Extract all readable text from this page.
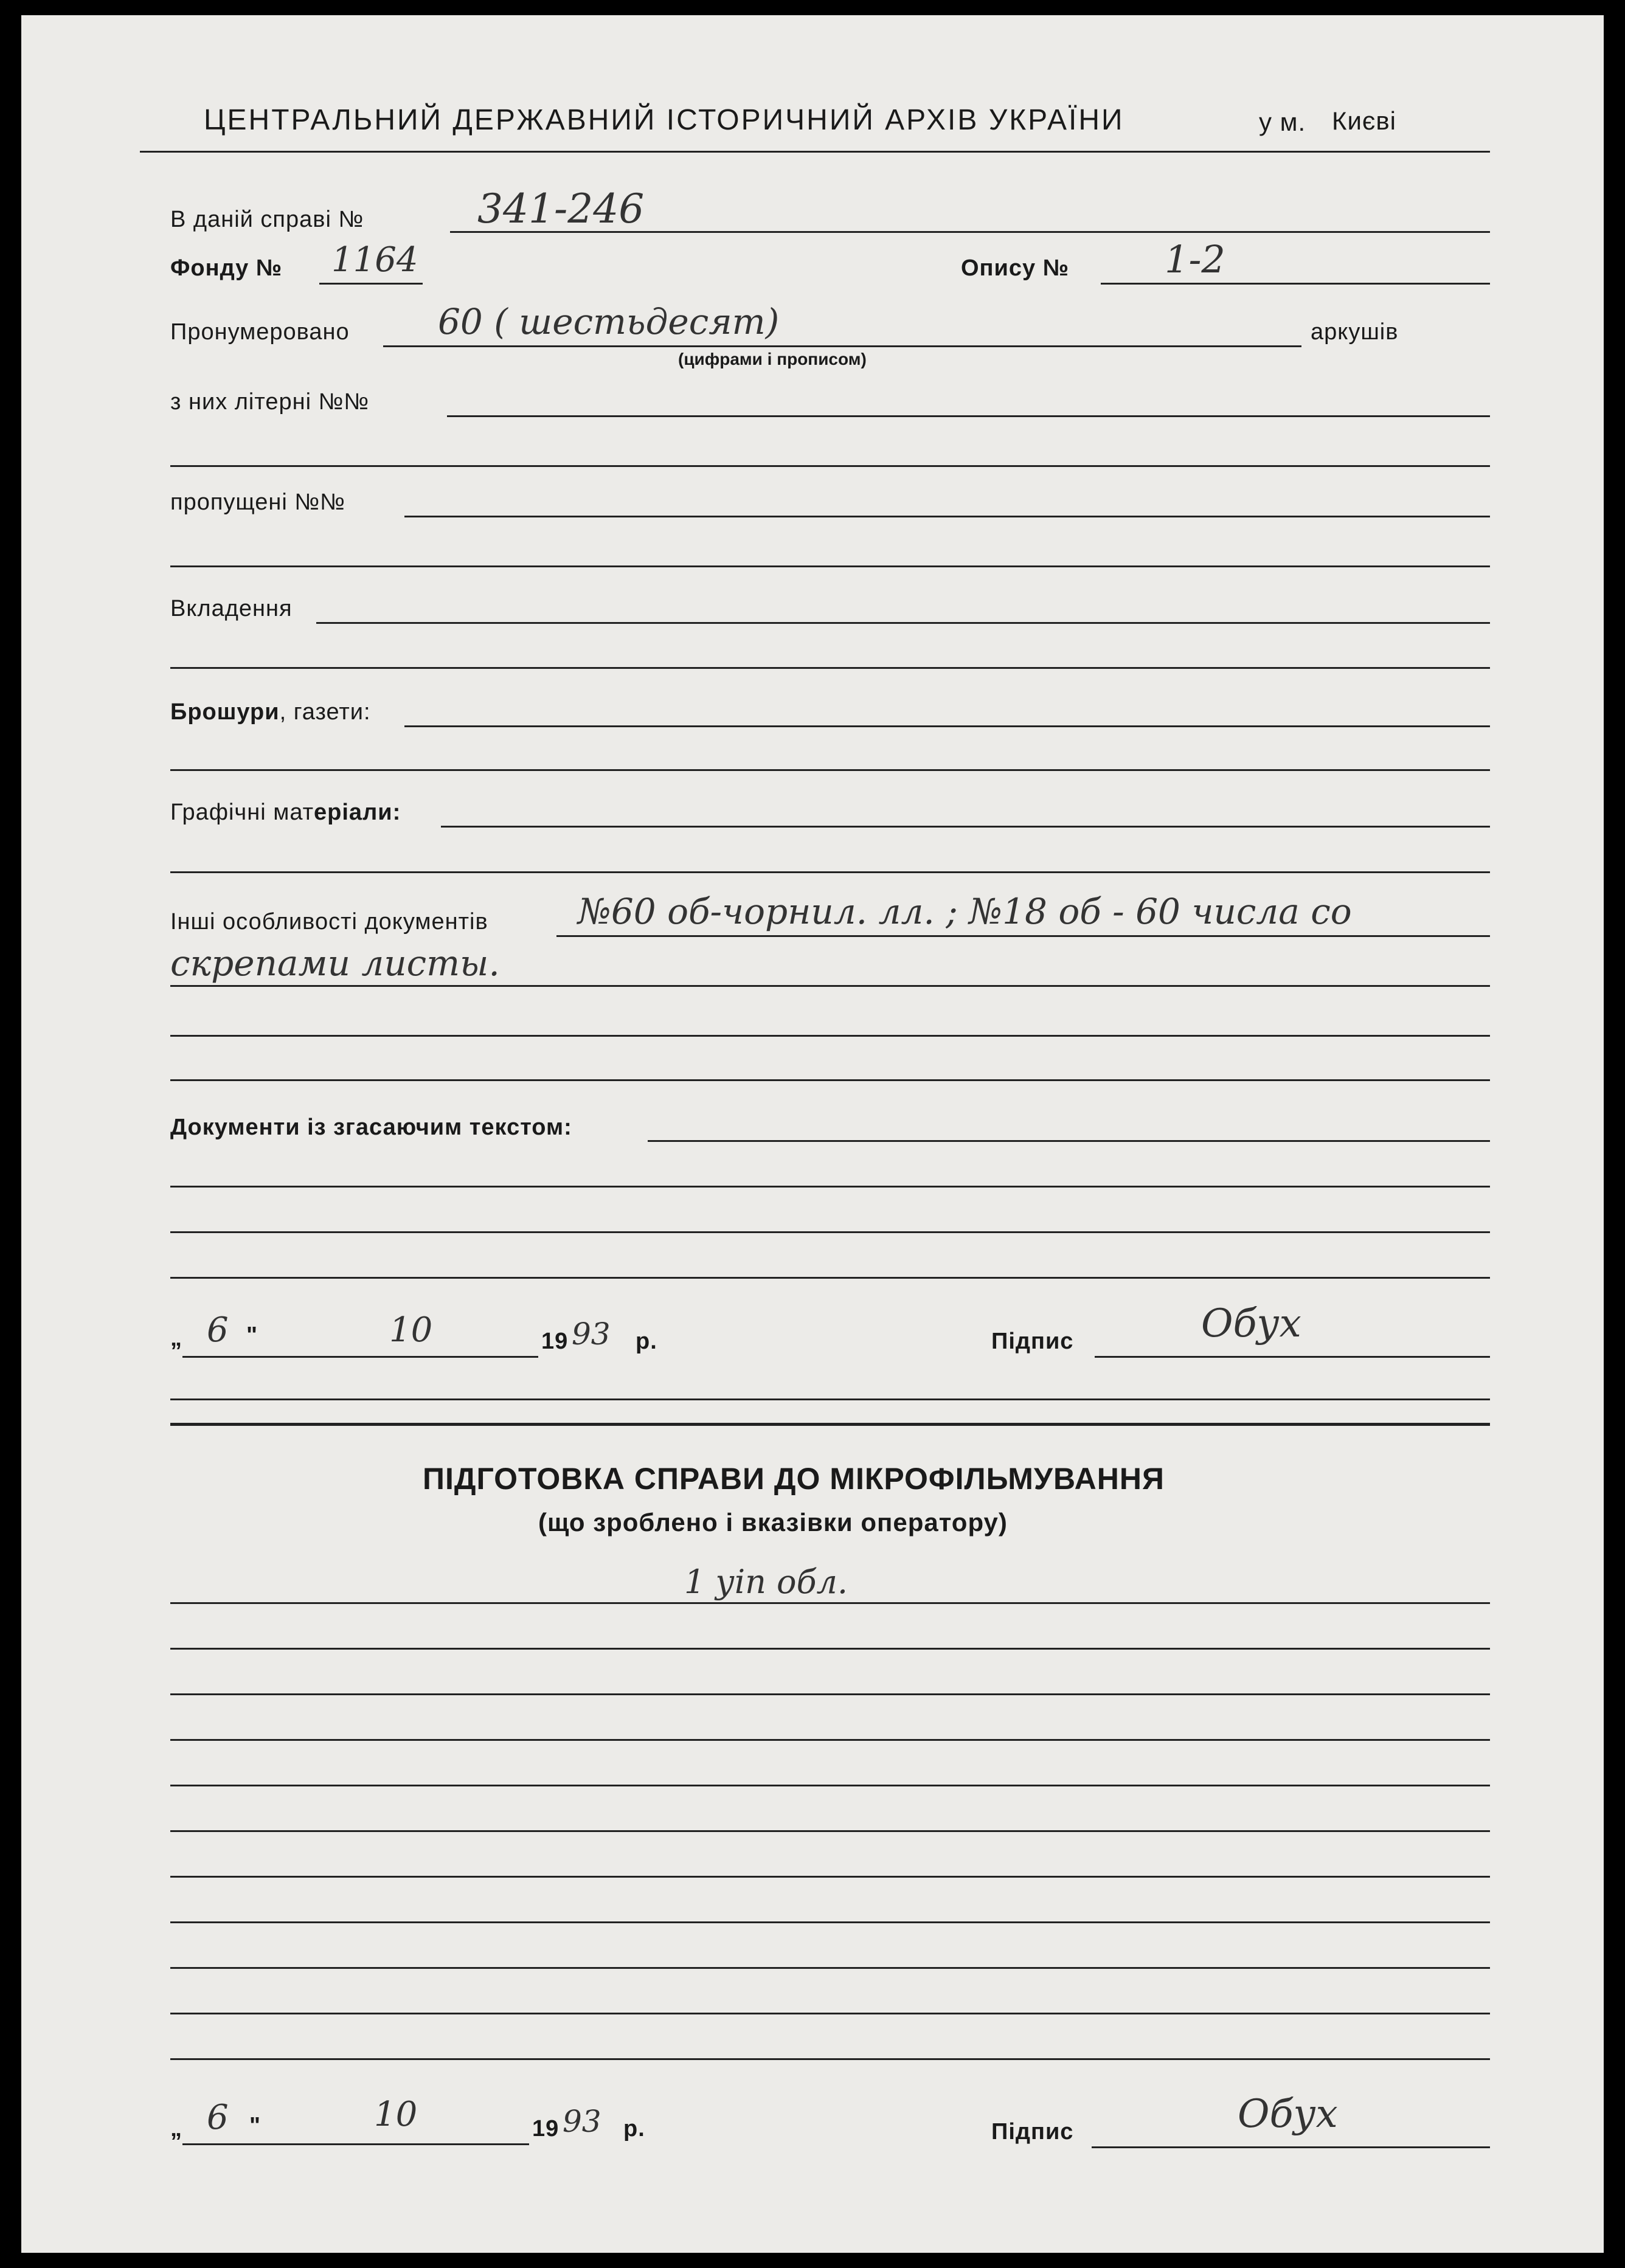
ЦЕНТРАЛЬНИЙ ДЕРЖАВНИЙ ІСТОРИЧНИЙ АРХІВ УКРАЇНИ	у м. Києві
В даній справі №	341-246
Фонду № 1164	Опису №	1-2
Пронумеровано	60 ( шестьдесят)
(цифрами і прописом)
аркушів
з них літерні №№
пропущені №№
Вкладення
Брошури, газети:
Графічні матеріали:
Інші особливості документів	№60 об-чорнил. лл. ; №18 об - 60 числа со
скрепами листы.
Документи із згасаючим текстом:
„ 6 "	10	19 93 р.	Підпис	Обух
ПІДГОТОВКА СПРАВИ ДО МІКРОФІЛЬМУВАННЯ
(що зроблено і вказівки оператору)
1 уіп обл.
„ 6 "	10	19 93 р.	Підпис	Обух
